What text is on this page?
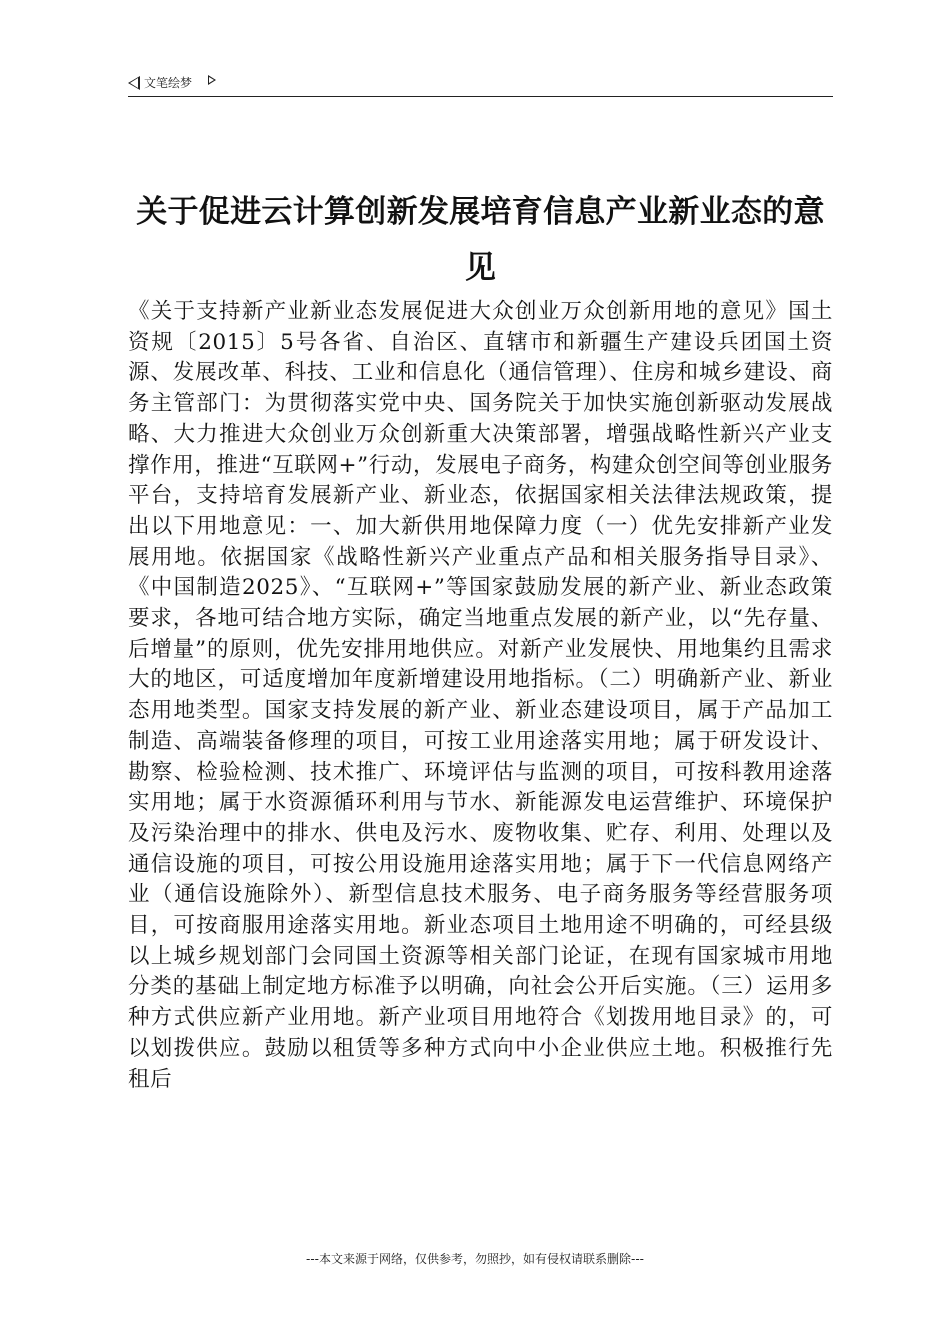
文笔绘梦
关于促进云计算创新发展培育信息产业新业态的意见
《关于支持新产业新业态发展促进大众创业万众创新用地的意见》国土资规〔2015〕5号各省、自治区、直辖市和新疆生产建设兵团国土资源、发展改革、科技、工业和信息化（通信管理）、住房和城乡建设、商务主管部门：为贯彻落实党中央、国务院关于加快实施创新驱动发展战略、大力推进大众创业万众创新重大决策部署，增强战略性新兴产业支撑作用，推进“互联网+”行动，发展电子商务，构建众创空间等创业服务平台，支持培育发展新产业、新业态，依据国家相关法律法规政策，提出以下用地意见：一、加大新供用地保障力度（一）优先安排新产业发展用地。依据国家《战略性新兴产业重点产品和相关服务指导目录》、《中国制造2025》、“互联网+”等国家鼓励发展的新产业、新业态政策要求，各地可结合地方实际，确定当地重点发展的新产业，以“先存量、后增量”的原则，优先安排用地供应。对新产业发展快、用地集约且需求大的地区，可适度增加年度新增建设用地指标。（二）明确新产业、新业态用地类型。国家支持发展的新产业、新业态建设项目，属于产品加工制造、高端装备修理的项目，可按工业用途落实用地；属于研发设计、勘察、检验检测、技术推广、环境评估与监测的项目，可按科教用途落实用地；属于水资源循环利用与节水、新能源发电运营维护、环境保护及污染治理中的排水、供电及污水、废物收集、贮存、利用、处理以及通信设施的项目，可按公用设施用途落实用地；属于下一代信息网络产业（通信设施除外）、新型信息技术服务、电子商务服务等经营服务项目，可按商服用途落实用地。新业态项目土地用途不明确的，可经县级以上城乡规划部门会同国土资源等相关部门论证，在现有国家城市用地分类的基础上制定地方标准予以明确，向社会公开后实施。（三）运用多种方式供应新产业用地。新产业项目用地符合《划拨用地目录》的，可以划拨供应。鼓励以租赁等多种方式向中小企业供应土地。积极推行先租后
---本文来源于网络，仅供参考，勿照抄，如有侵权请联系删除---
